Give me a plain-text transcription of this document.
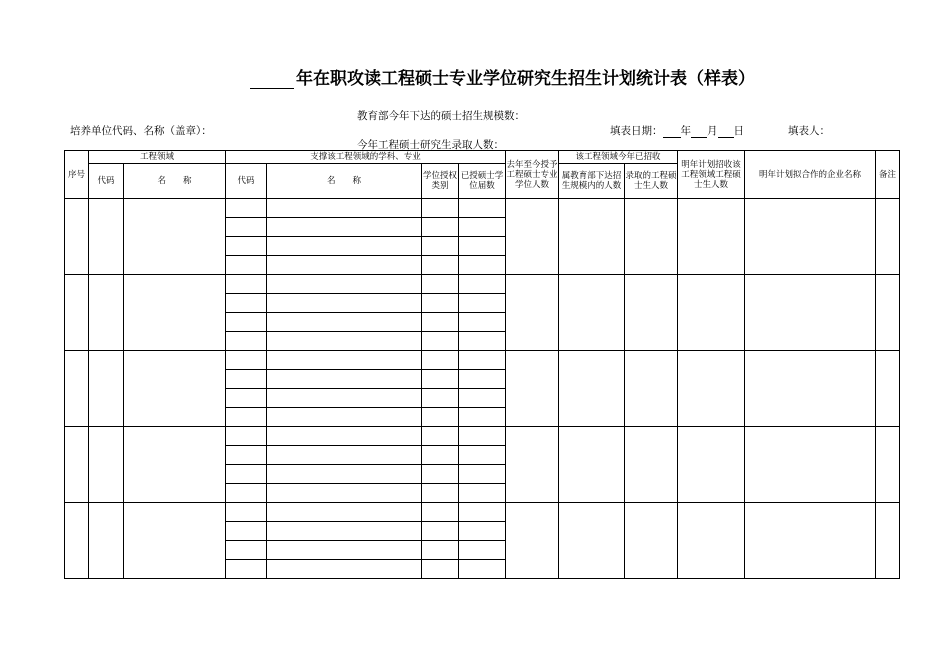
年在职攻读工程硕士专业学位研究生招生计划统计表（样表）
教育部今年下达的硕士招生规模数：
培养单位代码、名称（盖章）：	填表日期： 年 月 日	填表人：
今年工程硕士研究生录取人数：
序号	工程领域		支撑该工程领域的学科、专业				去年至今授予工程硕士专业学位人数	该工程领域今年已招收		明年计划招收该工程领域工程硕士生人数	明年计划拟合作的企业名称	备注
	代码	名　　称	代码	名　　称	学位授权类别	已授硕士学位届数		属教育部下达招生规模内的人数	录取的工程硕士生人数			
